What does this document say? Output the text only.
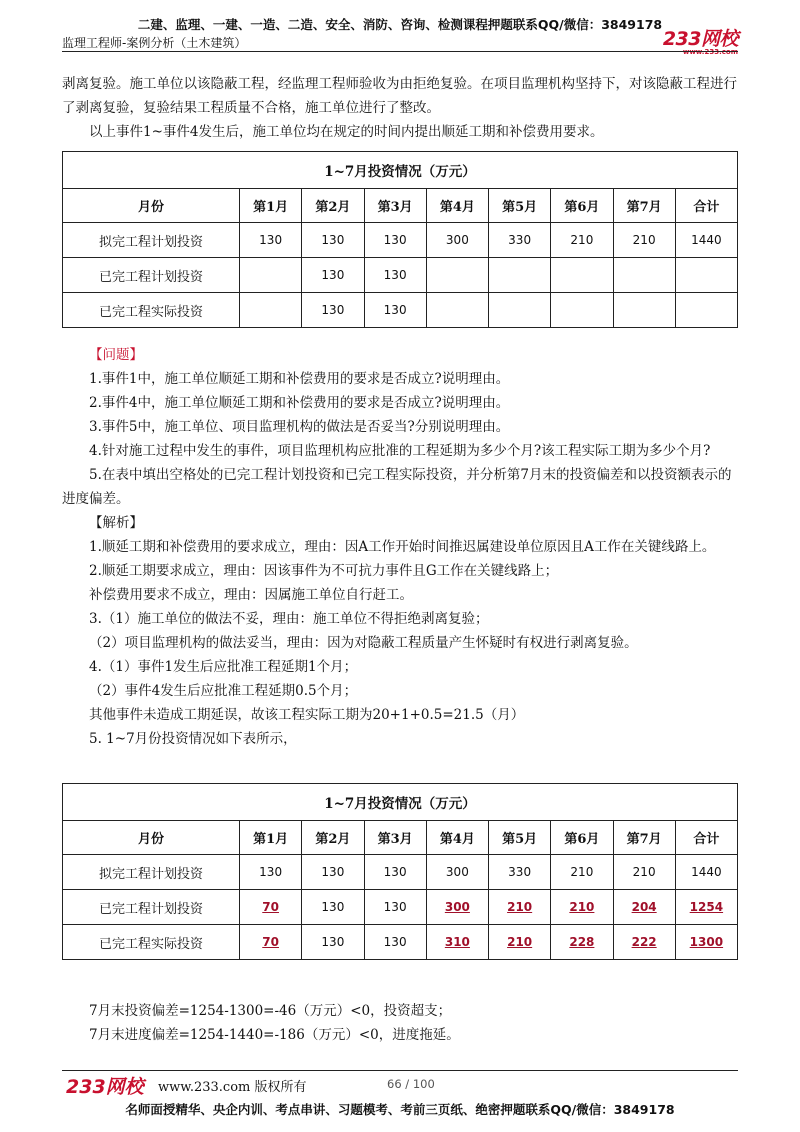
二建、监理、一建、一造、二造、安全、消防、咨询、检测课程押题联系QQ/微信：3849178
监理工程师-案例分析（土木建筑）	233网校
www.233.com

剥离复验。施工单位以该隐蔽工程，经监理工程师验收为由拒绝复验。在项目监理机构坚持下，对该隐蔽工程进行了剥离复验，复验结果工程质量不合格，施工单位进行了整改。

以上事件1~事件4发生后，施工单位均在规定的时间内提出顺延工期和补偿费用要求。

1~7月投资情况（万元）								
月份	第1月	第2月	第3月	第4月	第5月	第6月	第7月	合计
拟完工程计划投资	130	130	130	300	330	210	210	1440
已完工程计划投资		130	130					
已完工程实际投资		130	130					

【问题】

1.事件1中，施工单位顺延工期和补偿费用的要求是否成立?说明理由。

2.事件4中，施工单位顺延工期和补偿费用的要求是否成立?说明理由。

3.事件5中，施工单位、项目监理机构的做法是否妥当?分别说明理由。

4.针对施工过程中发生的事件，项目监理机构应批准的工程延期为多少个月?该工程实际工期为多少个月?

5.在表中填出空格处的已完工程计划投资和已完工程实际投资，并分析第7月末的投资偏差和以投资额表示的进度偏差。

【解析】

1.顺延工期和补偿费用的要求成立，理由：因A工作开始时间推迟属建设单位原因且A工作在关键线路上。

2.顺延工期要求成立，理由：因该事件为不可抗力事件且G工作在关键线路上；

补偿费用要求不成立，理由：因属施工单位自行赶工。

3.（1）施工单位的做法不妥，理由：施工单位不得拒绝剥离复验；

（2）项目监理机构的做法妥当，理由：因为对隐蔽工程质量产生怀疑时有权进行剥离复验。

4.（1）事件1发生后应批准工程延期1个月；

（2）事件4发生后应批准工程延期0.5个月；

其他事件未造成工期延误，故该工程实际工期为20+1+0.5=21.5（月）

5. 1~7月份投资情况如下表所示，

1~7月投资情况（万元）								
月份	第1月	第2月	第3月	第4月	第5月	第6月	第7月	合计
拟完工程计划投资	130	130	130	300	330	210	210	1440
已完工程计划投资	70	130	130	300	210	210	204	1254
已完工程实际投资	70	130	130	310	210	228	222	1300

7月末投资偏差=1254-1300=-46（万元）<0，投资超支；

7月末进度偏差=1254-1440=-186（万元）<0，进度拖延。

233网校 www.233.com 版权所有	66 / 100
名师面授精华、央企内训、考点串讲、习题模考、考前三页纸、绝密押题联系QQ/微信：3849178
